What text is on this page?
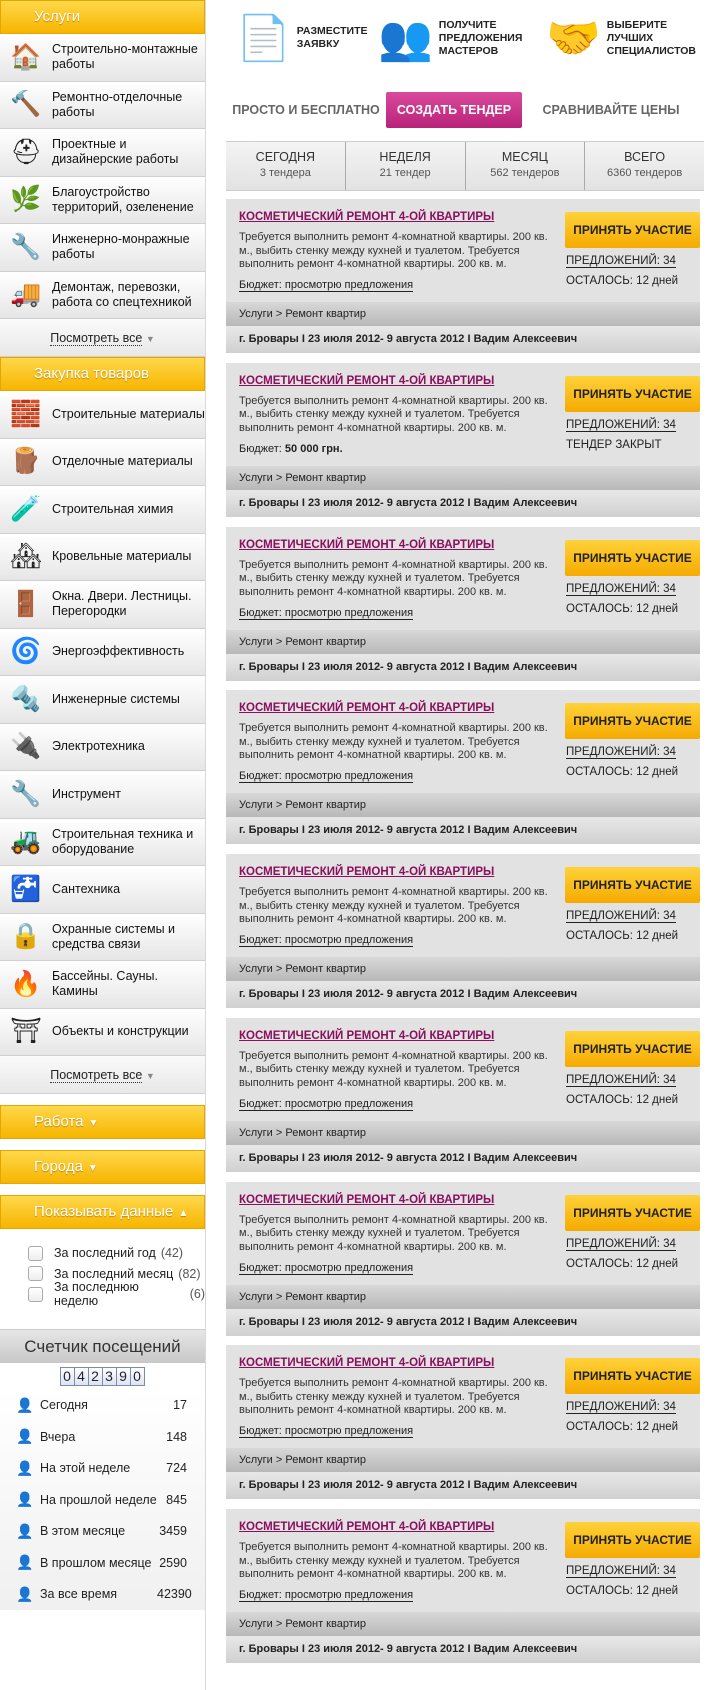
Услуги
🏠 Строительно-монтажные работы
🔨 Ремонтно-отделочные работы
⛑ Проектные и дизайнерские работы
🌿 Благоустройство территорий, озеленение
🔧 Инженерно-монражные работы
🚚 Демонтаж, перевозки, работа со спецтехникой
Посмотреть все ▼
Закупка товаров
🧱 Строительные материалы
🪵 Отделочные материалы
🧪 Строительная химия
🏘 Кровельные материалы
🚪 Окна. Двери. Лестницы. Перегородки
🌀 Энергоэффективность
🔩 Инженерные системы
🔌 Электротехника
🔧 Инструмент
🚜 Строительная техника и оборудование
🚰 Сантехника
🔒 Охранные системы и средства связи
🔥 Бассейны. Сауны. Камины
⛩ Объекты и конструкции
Посмотреть все ▼
Работа ▼
Города ▼
Показывать данные ▲
За последний год (42)
За последний месяц (82)
За последнюю неделю	(6)
Счетчик посещений
0 4 2 3 9 0
👤 Сегодня	17
👤 Вчера	148
👤 На этой неделе	724
👤 На прошлой неделе 845
👤 В этом месяце	3459
👤 В прошлом месяце 2590
👤 За все время	42390
📄 РАЗМЕСТИТЕ ЗАЯВКУ 👥 ПОЛУЧИТЕ ПРЕДЛОЖЕНИЯ МАСТЕРОВ	🤝 ВЫБЕРИТЕ ЛУЧШИХ СПЕЦИАЛИСТОВ
ПРОСТО И БЕСПЛАТНО	СОЗДАТЬ ТЕНДЕР	СРАВНИВАЙТЕ ЦЕНЫ
СЕГОДНЯ
3 тендера
НЕДЕЛЯ
21 тендер
МЕСЯЦ
562 тендеров
ВСЕГО
6360 тендеров
КОСМЕТИЧЕСКИЙ РЕМОНТ 4-ОЙ КВАРТИРЫ
Требуется выполнить ремонт 4-комнатной квартиры. 200 кв. м., выбить стенку между кухней и туалетом. Требуется выполнить ремонт 4-комнатной квартиры. 200 кв. м.
Бюджет: просмотрю предложения
ПРИНЯТЬ УЧАСТИЕ
ПРЕДЛОЖЕНИЙ: 34
ОСТАЛОСЬ: 12 дней
Услуги > Ремонт квартир
г. Бровары I 23 июля 2012- 9 августа 2012 I Вадим Алексеевич
КОСМЕТИЧЕСКИЙ РЕМОНТ 4-ОЙ КВАРТИРЫ
Требуется выполнить ремонт 4-комнатной квартиры. 200 кв. м., выбить стенку между кухней и туалетом. Требуется выполнить ремонт 4-комнатной квартиры. 200 кв. м.
Бюджет: 50 000 грн.
ПРИНЯТЬ УЧАСТИЕ
ПРЕДЛОЖЕНИЙ: 34
ТЕНДЕР ЗАКРЫТ
Услуги > Ремонт квартир
г. Бровары I 23 июля 2012- 9 августа 2012 I Вадим Алексеевич
КОСМЕТИЧЕСКИЙ РЕМОНТ 4-ОЙ КВАРТИРЫ
Требуется выполнить ремонт 4-комнатной квартиры. 200 кв. м., выбить стенку между кухней и туалетом. Требуется выполнить ремонт 4-комнатной квартиры. 200 кв. м.
Бюджет: просмотрю предложения
ПРИНЯТЬ УЧАСТИЕ
ПРЕДЛОЖЕНИЙ: 34
ОСТАЛОСЬ: 12 дней
Услуги > Ремонт квартир
г. Бровары I 23 июля 2012- 9 августа 2012 I Вадим Алексеевич
КОСМЕТИЧЕСКИЙ РЕМОНТ 4-ОЙ КВАРТИРЫ
Требуется выполнить ремонт 4-комнатной квартиры. 200 кв. м., выбить стенку между кухней и туалетом. Требуется выполнить ремонт 4-комнатной квартиры. 200 кв. м.
Бюджет: просмотрю предложения
ПРИНЯТЬ УЧАСТИЕ
ПРЕДЛОЖЕНИЙ: 34
ОСТАЛОСЬ: 12 дней
Услуги > Ремонт квартир
г. Бровары I 23 июля 2012- 9 августа 2012 I Вадим Алексеевич
КОСМЕТИЧЕСКИЙ РЕМОНТ 4-ОЙ КВАРТИРЫ
Требуется выполнить ремонт 4-комнатной квартиры. 200 кв. м., выбить стенку между кухней и туалетом. Требуется выполнить ремонт 4-комнатной квартиры. 200 кв. м.
Бюджет: просмотрю предложения
ПРИНЯТЬ УЧАСТИЕ
ПРЕДЛОЖЕНИЙ: 34
ОСТАЛОСЬ: 12 дней
Услуги > Ремонт квартир
г. Бровары I 23 июля 2012- 9 августа 2012 I Вадим Алексеевич
КОСМЕТИЧЕСКИЙ РЕМОНТ 4-ОЙ КВАРТИРЫ
Требуется выполнить ремонт 4-комнатной квартиры. 200 кв. м., выбить стенку между кухней и туалетом. Требуется выполнить ремонт 4-комнатной квартиры. 200 кв. м.
Бюджет: просмотрю предложения
ПРИНЯТЬ УЧАСТИЕ
ПРЕДЛОЖЕНИЙ: 34
ОСТАЛОСЬ: 12 дней
Услуги > Ремонт квартир
г. Бровары I 23 июля 2012- 9 августа 2012 I Вадим Алексеевич
КОСМЕТИЧЕСКИЙ РЕМОНТ 4-ОЙ КВАРТИРЫ
Требуется выполнить ремонт 4-комнатной квартиры. 200 кв. м., выбить стенку между кухней и туалетом. Требуется выполнить ремонт 4-комнатной квартиры. 200 кв. м.
Бюджет: просмотрю предложения
ПРИНЯТЬ УЧАСТИЕ
ПРЕДЛОЖЕНИЙ: 34
ОСТАЛОСЬ: 12 дней
Услуги > Ремонт квартир
г. Бровары I 23 июля 2012- 9 августа 2012 I Вадим Алексеевич
КОСМЕТИЧЕСКИЙ РЕМОНТ 4-ОЙ КВАРТИРЫ
Требуется выполнить ремонт 4-комнатной квартиры. 200 кв. м., выбить стенку между кухней и туалетом. Требуется выполнить ремонт 4-комнатной квартиры. 200 кв. м.
Бюджет: просмотрю предложения
ПРИНЯТЬ УЧАСТИЕ
ПРЕДЛОЖЕНИЙ: 34
ОСТАЛОСЬ: 12 дней
Услуги > Ремонт квартир
г. Бровары I 23 июля 2012- 9 августа 2012 I Вадим Алексеевич
КОСМЕТИЧЕСКИЙ РЕМОНТ 4-ОЙ КВАРТИРЫ
Требуется выполнить ремонт 4-комнатной квартиры. 200 кв. м., выбить стенку между кухней и туалетом. Требуется выполнить ремонт 4-комнатной квартиры. 200 кв. м.
Бюджет: просмотрю предложения
ПРИНЯТЬ УЧАСТИЕ
ПРЕДЛОЖЕНИЙ: 34
ОСТАЛОСЬ: 12 дней
Услуги > Ремонт квартир
г. Бровары I 23 июля 2012- 9 августа 2012 I Вадим Алексеевич
